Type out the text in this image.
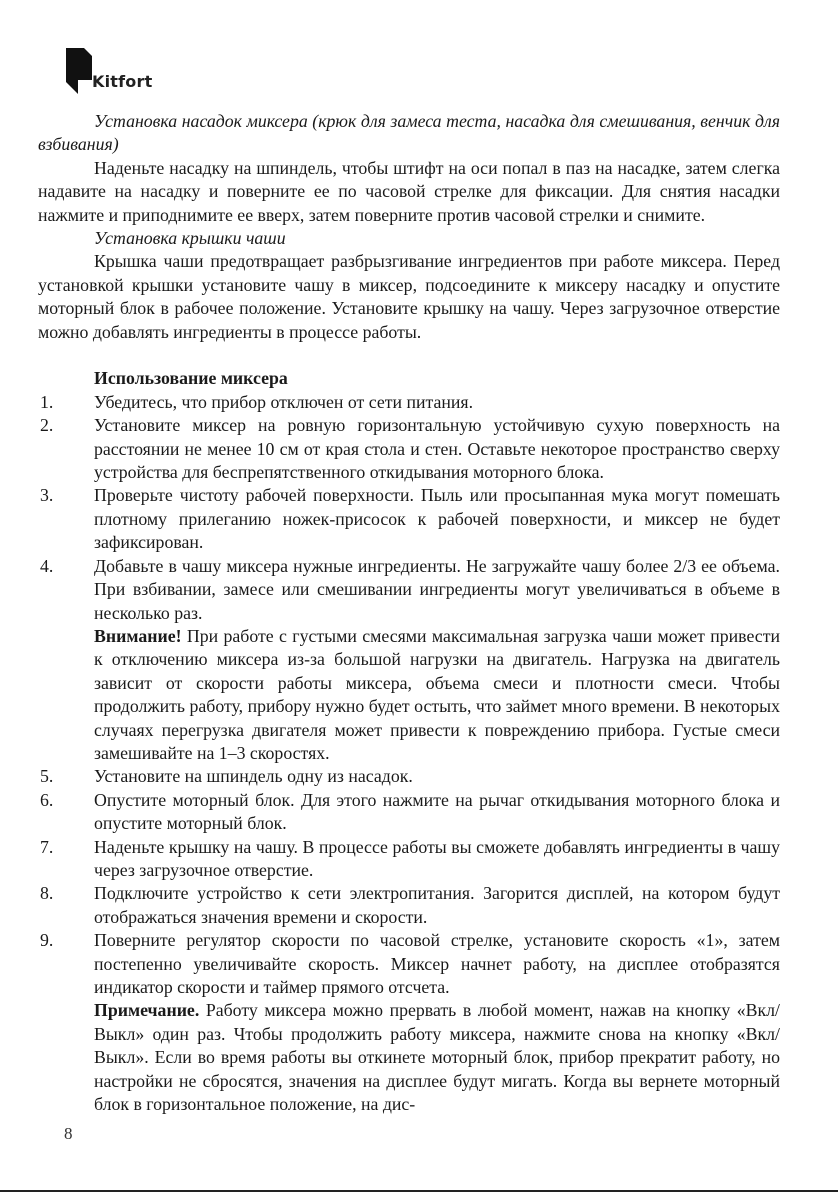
Kitfort

Установка насадок миксера (крюк для замеса теста, насадка для смешивания, венчик для взбивания)

Наденьте насадку на шпиндель, чтобы штифт на оси попал в паз на насадке, затем слегка надавите на насадку и поверните ее по часовой стрелке для фиксации. Для снятия насадки нажмите и приподнимите ее вверх, затем поверните против часовой стрелки и снимите.

Установка крышки чаши

Крышка чаши предотвращает разбрызгивание ингредиентов при работе миксера. Перед установкой крышки установите чашу в миксер, подсоедините к миксеру насадку и опустите моторный блок в рабочее положение. Установите крышку на чашу. Через загрузочное отверстие можно добавлять ингредиенты в процессе работы.

Использование миксера

1.	Убедитесь, что прибор отключен от сети питания.
2.	Установите миксер на ровную горизонтальную устойчивую сухую поверхность на расстоянии не менее 10 см от края стола и стен. Оставьте некоторое пространство сверху устройства для беспрепятственного откидывания моторного блока.
3.	Проверьте чистоту рабочей поверхности. Пыль или просыпанная мука могут помешать плотному прилеганию ножек-присосок к рабочей поверхности, и миксер не будет зафиксирован.
4.	Добавьте в чашу миксера нужные ингредиенты. Не загружайте чашу более 2/3 ее объема. При взбивании, замесе или смешивании ингредиенты могут увеличиваться в объеме в несколько раз.

Внимание! При работе с густыми смесями максимальная загрузка чаши может привести к отключению миксера из-за большой нагрузки на двигатель. Нагрузка на двигатель зависит от скорости работы миксера, объема смеси и плотности смеси. Чтобы продолжить работу, прибору нужно будет остыть, что займет много времени. В некоторых случаях перегрузка двигателя может привести к повреждению прибора. Густые смеси замешивайте на 1–3 скоростях.

5.	Установите на шпиндель одну из насадок.
6.	Опустите моторный блок. Для этого нажмите на рычаг откидывания моторного блока и опустите моторный блок.
7.	Наденьте крышку на чашу. В процессе работы вы сможете добавлять ингредиенты в чашу через загрузочное отверстие.
8.	Подключите устройство к сети электропитания. Загорится дисплей, на котором будут отображаться значения времени и скорости.
9.	Поверните регулятор скорости по часовой стрелке, установите скорость «1», затем постепенно увеличивайте скорость. Миксер начнет работу, на дисплее отобразятся индикатор скорости и таймер прямого отсчета.

Примечание. Работу миксера можно прервать в любой момент, нажав на кнопку «Вкл/Выкл» один раз. Чтобы продолжить работу миксера, нажмите снова на кнопку «Вкл/Выкл». Если во время работы вы откинете моторный блок, прибор прекратит работу, но настройки не сбросятся, значения на дисплее будут мигать. Когда вы вернете моторный блок в горизонтальное положение, на дис-

8
